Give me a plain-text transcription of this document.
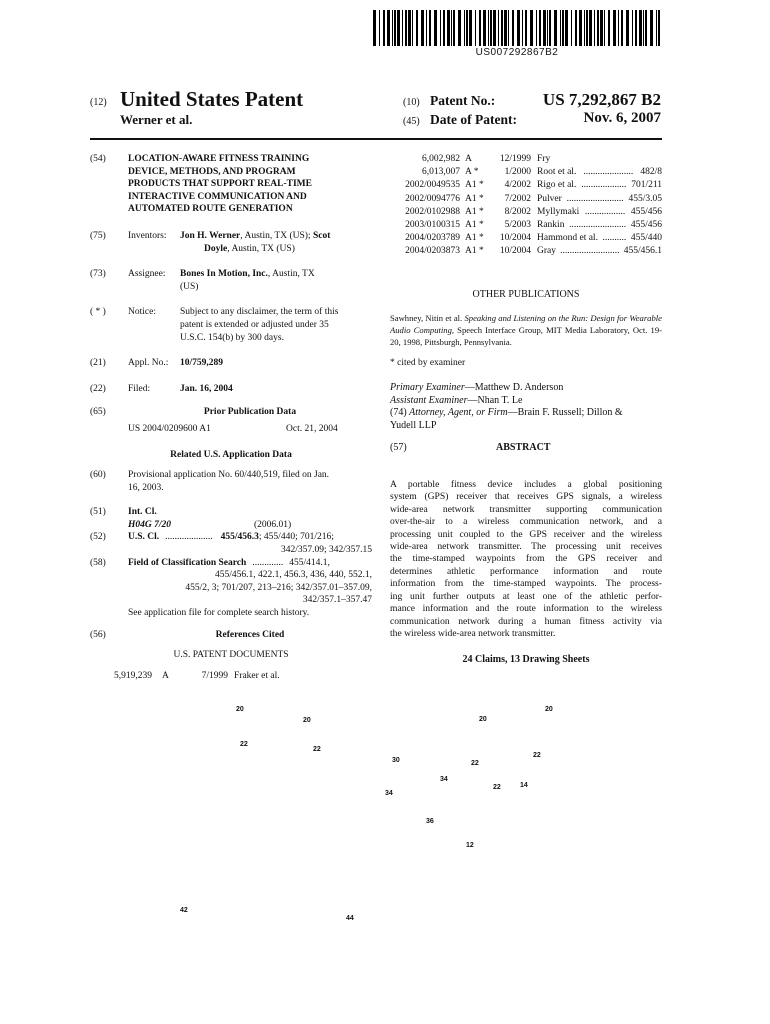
US007292867B2
(12) United States Patent
Werner et al.
(10) Patent No.:	US 7,292,867 B2
(45) Date of Patent:	Nov. 6, 2007
(54)	LOCATION-AWARE FITNESS TRAINING
DEVICE, METHODS, AND PROGRAM
PRODUCTS THAT SUPPORT REAL-TIME
INTERACTIVE COMMUNICATION AND
AUTOMATED ROUTE GENERATION
(75)	Inventors:	Jon H. Werner, Austin, TX (US); Scot
Doyle, Austin, TX (US)
(73)	Assignee:	Bones In Motion, Inc., Austin, TX
(US)
( * )	Notice:	Subject to any disclaimer, the term of this
patent is extended or adjusted under 35
U.S.C. 154(b) by 300 days.
(21)	Appl. No.:	10/759,289
(22)	Filed:	Jan. 16, 2004
(65)	Prior Publication Data
US 2004/0209600 A1	Oct. 21, 2004
Related U.S. Application Data
(60)	Provisional application No. 60/440,519, filed on Jan.
16, 2003.
(51)	Int. Cl.
H04G 7/20	(2006.01)
(52)	U.S. Cl. .................... 455/456.3; 455/440; 701/216;
342/357.09; 342/357.15
(58)	Field of Classification Search ............. 455/414.1,
455/456.1, 422.1, 456.3, 436, 440, 552.1,
455/2, 3; 701/207, 213–216; 342/357.01–357.09,
342/357.1–357.47
See application file for complete search history.
(56)	References Cited
U.S. PATENT DOCUMENTS
5,919,239	A	7/1999 Fraker et al.
6,002,982 A	12/1999 Fry
6,013,007 A *	1/2000 Root et al. ..................... 482/8
2002/0049535 A1 *	4/2002 Rigo et al. ................... 701/211
2002/0094776 A1 *	7/2002 Pulver ........................ 455/3.05
2002/0102988 A1 *	8/2002 Myllymaki ................. 455/456
2003/0100315 A1 *	5/2003 Rankin ........................ 455/456
2004/0203789 A1 *	10/2004 Hammond et al. .......... 455/440
2004/0203873 A1 *	10/2004 Gray ......................... 455/456.1
OTHER PUBLICATIONS
Sawhney, Nitin et al. Speaking and Listening on the Run: Design for Wearable Audio Computing, Speech Interface Group, MIT Media Laboratory, Oct. 19-20, 1998, Pittsburgh, Pennsylvania.
* cited by examiner
Primary Examiner—Matthew D. Anderson
Assistant Examiner—Nhan T. Le
(74) Attorney, Agent, or Firm—Brain F. Russell; Dillon &
Yudell LLP
(57)	ABSTRACT
A portable fitness device includes a global positioning
system (GPS) receiver that receives GPS signals, a wireless
wide-area network transmitter supporting communication
over-the-air to a wireless communication network, and a
processing unit coupled to the GPS receiver and the wireless
wide-area network transmitter. The processing unit receives
the time-stamped waypoints from the GPS receiver and
determines athletic performance information and route
information from the time-stamped waypoints. The process-
ing unit further outputs at least one of the athletic perfor-
mance information and the route information to the wireless
communication network during a human fitness activity via
the wireless wide-area network transmitter.
24 Claims, 13 Drawing Sheets
20
20
22
22
20
20
22
22
30
34
34
22	14
36
12
42
44
